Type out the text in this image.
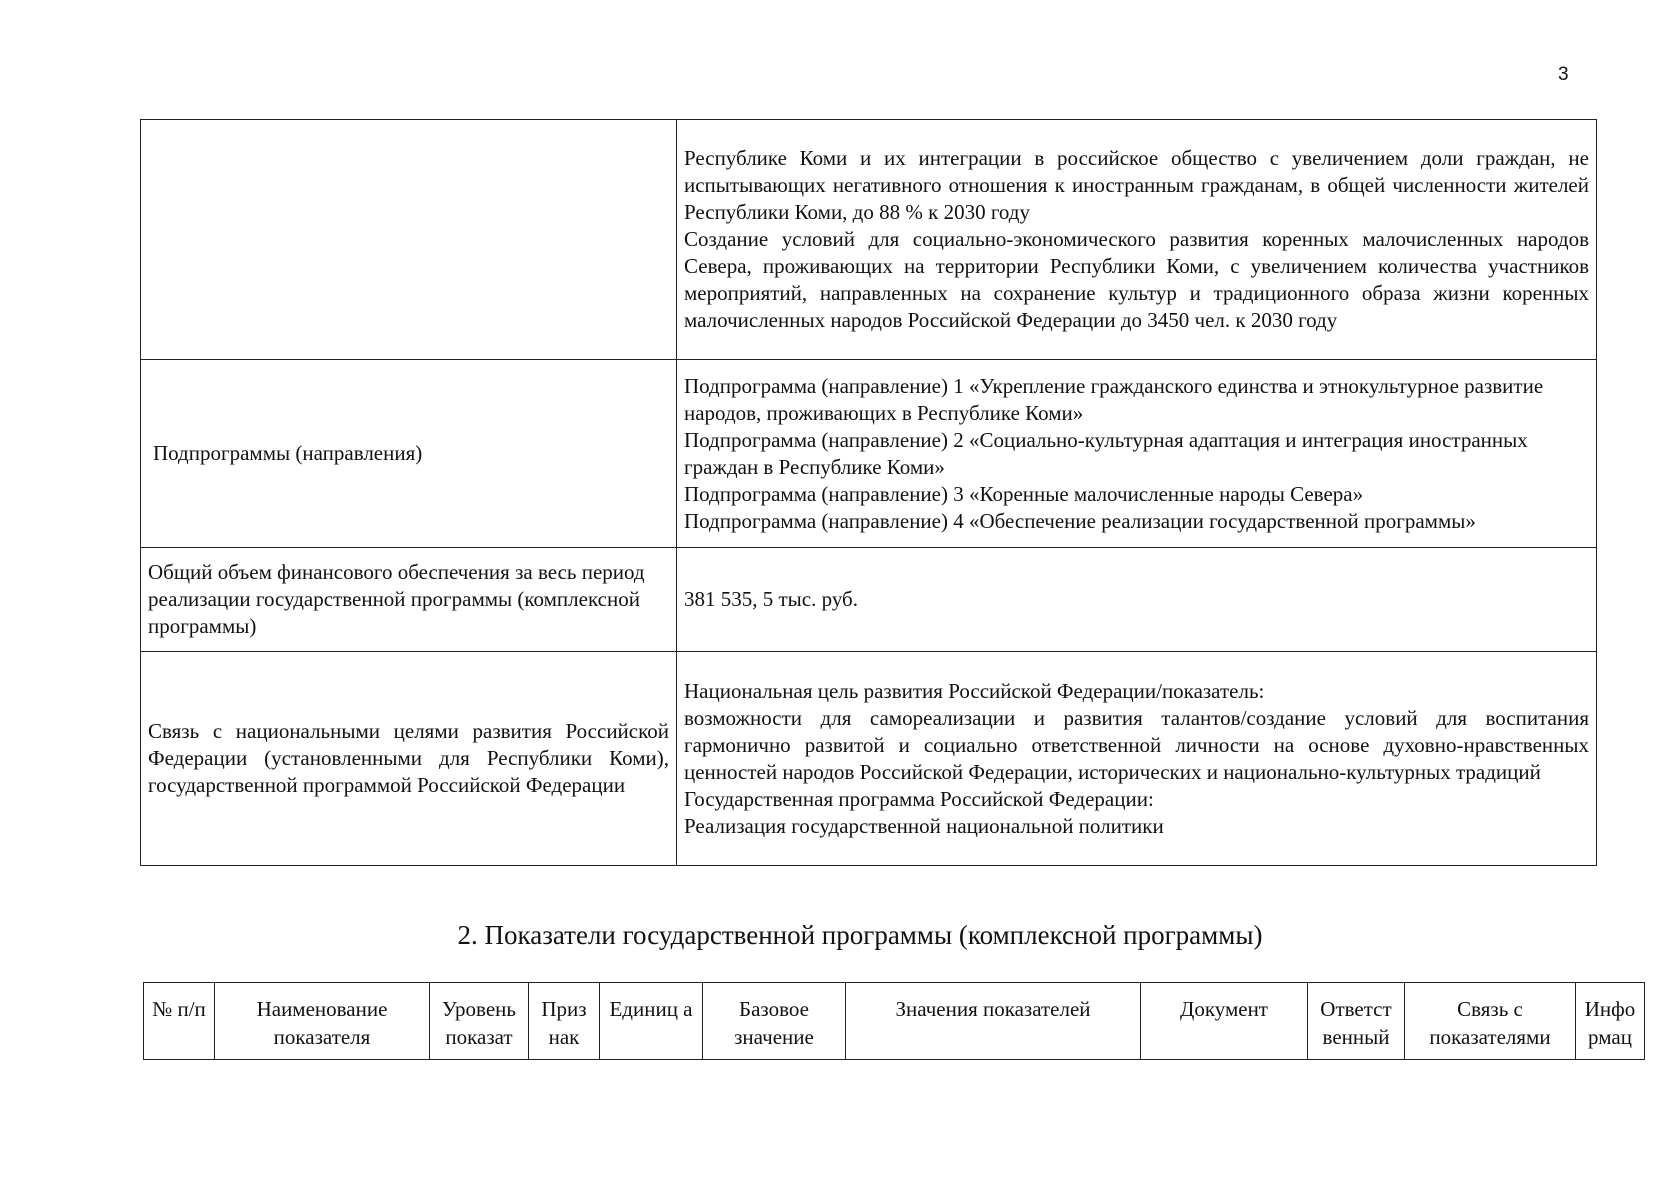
3

	Республике Коми и их интеграции в российское общество с увеличением доли граждан, не испытывающих негативного отношения к иностранным гражданам, в общей численности жителей Республики Коми, до 88 % к 2030 году
Создание условий для социально-экономического развития коренных малочисленных народов Севера, проживающих на территории Республики Коми, с увеличением количества участников мероприятий, направленных на сохранение культур и традиционного образа жизни коренных малочисленных народов Российской Федерации до 3450 чел. к 2030 году

Подпрограммы (направления)	Подпрограмма (направление) 1 «Укрепление гражданского единства и этнокультурное развитие народов, проживающих в Республике Коми»
Подпрограмма (направление) 2 «Социально-культурная адаптация и интеграция иностранных граждан в Республике Коми»
Подпрограмма (направление) 3 «Коренные малочисленные народы Севера»
Подпрограмма (направление) 4 «Обеспечение реализации государственной программы»

Общий объем финансового обеспечения за весь период реализации государственной программы (комплексной программы)	381 535, 5 тыс. руб.
Связь с национальными целями развития Российской Федерации (установленными для Республики Коми), государственной программой Российской Федерации	Национальная цель развития Российской Федерации/показатель:
возможности для самореализации и развития талантов/создание условий для воспитания гармонично развитой и социально ответственной личности на основе духовно-нравственных ценностей народов Российской Федерации, исторических и национально-культурных традиций
Государственная программа Российской Федерации:
Реализация государственной национальной политики
2. Показатели государственной программы (комплексной программы)
№ п/п	Наименование показателя	Уровень показат	Приз нак	Единиц а	Базовое значение	Значения показателей	Документ	Ответст венный	Связь с показателями	Инфо рмац
